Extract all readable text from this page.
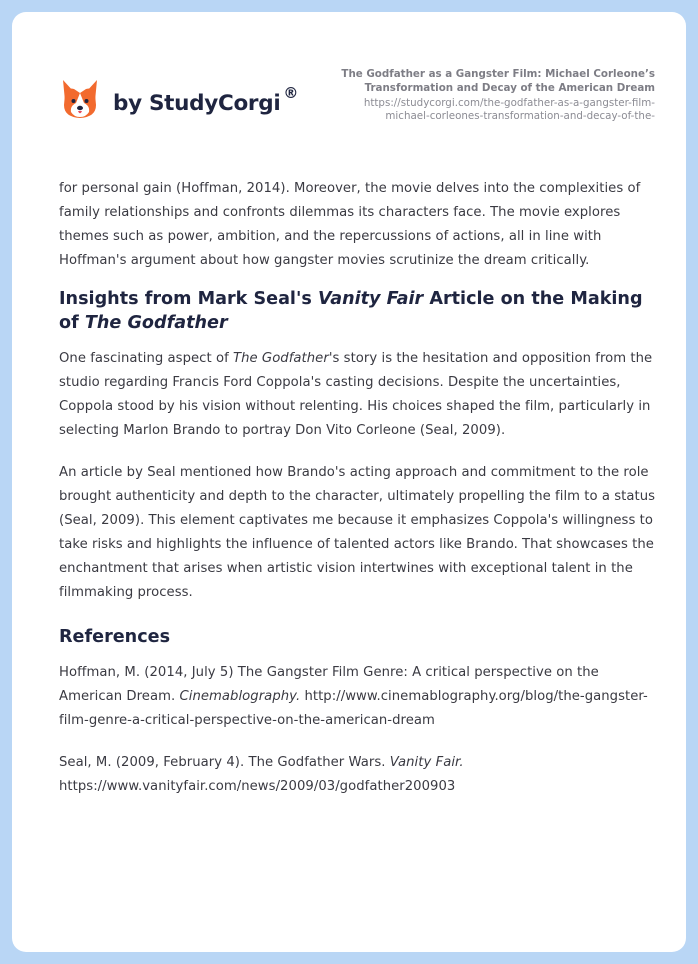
by StudyCorgi ®
The Godfather as a Gangster Film: Michael Corleone’s Transformation and Decay of the American Dream
https://studycorgi.com/the-godfather-as-a-gangster-film-
michael-corleones-transformation-and-decay-of-the-

for personal gain (Hoffman, 2014). Moreover, the movie delves into the complexities of family relationships and confronts dilemmas its characters face. The movie explores themes such as power, ambition, and the repercussions of actions, all in line with Hoffman's argument about how gangster movies scrutinize the dream critically.

Insights from Mark Seal's Vanity Fair Article on the Making of The Godfather

One fascinating aspect of The Godfather's story is the hesitation and opposition from the studio regarding Francis Ford Coppola's casting decisions. Despite the uncertainties, Coppola stood by his vision without relenting. His choices shaped the film, particularly in selecting Marlon Brando to portray Don Vito Corleone (Seal, 2009).

An article by Seal mentioned how Brando's acting approach and commitment to the role brought authenticity and depth to the character, ultimately propelling the film to a status (Seal, 2009). This element captivates me because it emphasizes Coppola's willingness to take risks and highlights the influence of talented actors like Brando. That showcases the enchantment that arises when artistic vision intertwines with exceptional talent in the filmmaking process.

References

Hoffman, M. (2014, July 5) The Gangster Film Genre: A critical perspective on the American Dream. Cinemablography. http://www.cinemablography.org/blog/the-gangster-film-genre-a-critical-perspective-on-the-american-dream

Seal, M. (2009, February 4). The Godfather Wars. Vanity Fair. https://www.vanityfair.com/news/2009/03/godfather200903
